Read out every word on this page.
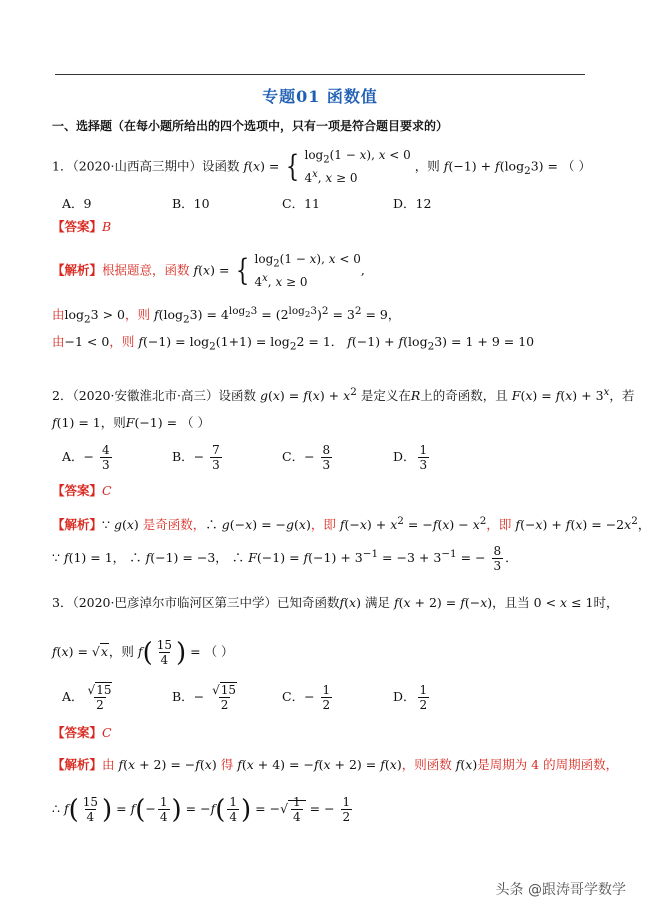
专题01 函数值
一、选择题（在每小题所给出的四个选项中，只有一项是符合题目要求的）
1．（2020·山西高三期中）设函数 f(x) = { $\log_2(1 - x)$, x < 0
4$^x$, x ≥ 0
，则 $f(-1) + f(\log_23)$ = （ ）
A．9	B．10	C．11	D．12
【答案】B
【解析】根据题意，函数 f(x) = { $\log_2(1 - x)$, x < 0
4$^x$, x ≥ 0
,
由$\log_23 > 0$，则 $f(\log_23) = 4^{log_23} = (2^{log_23})^2 = 3^2 = 9$，
由−1 < 0，则 $f(-1) = \log_2(1+1) = \log_22 = 1$． $f(-1) + f(\log_23) = 1 + 9 = 10$
2．（2020·安徽淮北市·高三）设函数 $g(x) = f(x) + x^2$ 是定义在R上的奇函数，且 $F(x) = f(x) + 3^x$，若
f(1) = 1，则F(−1) = （ ）
A．− $\frac{4}{3}$	B．− $\frac{7}{3}$	C．− $\frac{8}{3}$	D． $\frac{1}{3}$
【答案】C
【解析】∵ g(x) 是奇函数，∴ g(−x) = −g(x)，即 $f(-x) + x^2 = -f(x) - x^2$，即 $f(-x) + f(x) = -2x^2$，
∵ f(1) = 1， ∴ f(−1) = −3， ∴ $F(-1) = f(-1) + 3^{-1} = -3 + 3^{-1}$ = − $\frac{8}{3}$ ．
3．（2020·巴彦淖尔市临河区第三中学）已知奇函数f(x) 满足 f(x + 2) = f(−x)，且当 0 < x ≤ 1时，
f(x) = √x，则 $f( \frac{15}{4}$ ) = （ ）
A． $\frac{√15}{2}$	B．− $\frac{√15}{2}$	C．− $\frac{1}{2}$	D． $\frac{1}{2}$
【答案】C
【解析】由 f(x + 2) = −f(x) 得 f(x + 4) = −f(x + 2) = f(x)，则函数 f(x)是周期为 4 的周期函数，
∴ $f( \frac{15}{4}$ ) = $f(- \frac{1}{4}$ ) = $-f( \frac{1}{4}$ ) = −√ $\frac{1}{4}$ = − $\frac{1}{2}$
头条 @跟涛哥学数学
